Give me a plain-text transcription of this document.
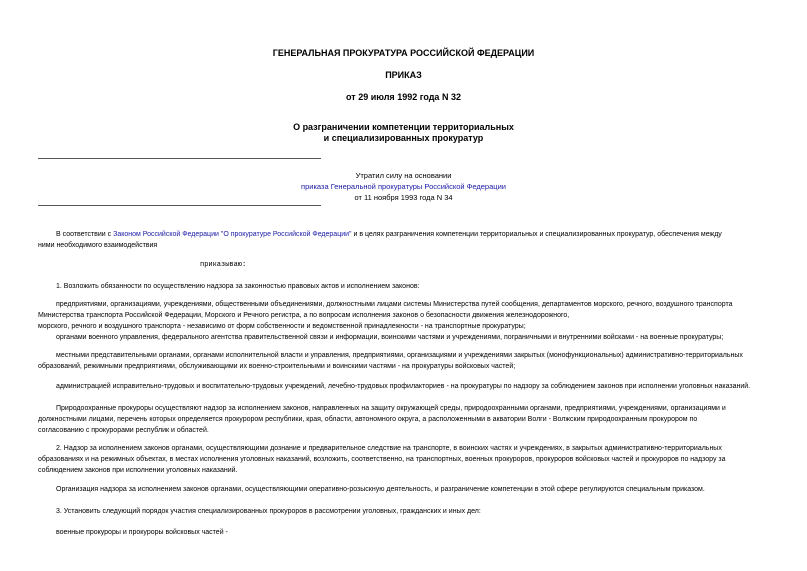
ГЕНЕРАЛЬНАЯ ПРОКУРАТУРА РОССИЙСКОЙ ФЕДЕРАЦИИ
ПРИКАЗ
от 29 июля 1992 года N 32
О разграничении компетенции территориальных
и специализированных прокуратур
Утратил силу на основании
приказа Генеральной прокуратуры Российской Федерации
от 11 ноября 1993 года N 34
В соответствии с Законом Российской Федерации "О прокуратуре Российской Федерации" и в целях разграничения компетенции территориальных и специализированных прокуратур, обеспечения между
ними необходимого взаимодействия
приказываю:
1. Возложить обязанности по осуществлению надзора за законностью правовых актов и исполнением законов:
предприятиями, организациями, учреждениями, общественными объединениями, должностными лицами системы Министерства путей сообщения, департаментов морского, речного, воздушного транспорта
Министерства транспорта Российской Федерации, Морского и Речного регистра, а по вопросам исполнения законов о безопасности движения железнодорожного,
морского, речного и воздушного транспорта - независимо от форм собственности и ведомственной принадлежности - на транспортные прокуратуры;
органами военного управления, федерального агентства правительственной связи и информации, воинскими частями и учреждениями, пограничными и внутренними войсками - на военные прокуратуры;
местными представительными органами, органами исполнительной власти и управления, предприятиями, организациями и учреждениями закрытых (монофункциональных) административно-территориальных
образований, режимными предприятиями, обслуживающими их военно-строительными и воинскими частями - на прокуратуры войсковых частей;
администрацией исправительно-трудовых и воспитательно-трудовых учреждений, лечебно-трудовых профилакториев - на прокуратуры по надзору за соблюдением законов при исполнении уголовных наказаний.
Природоохранные прокуроры осуществляют надзор за исполнением законов, направленных на защиту окружающей среды, природоохранными органами, предприятиями, учреждениями, организациями и
должностными лицами, перечень которых определяется прокурором республики, края, области, автономного округа, а расположенными в акватории Волги - Волжским природоохранным прокурором по
согласованию с прокурорами республик и областей.
2. Надзор за исполнением законов органами, осуществляющими дознание и предварительное следствие на транспорте, в воинских частях и учреждениях, в закрытых административно-территориальных
образованиях и на режимных объектах, в местах исполнения уголовных наказаний, возложить, соответственно, на транспортных, военных прокуроров, прокуроров войсковых частей и прокуроров по надзору за
соблюдением законов при исполнении уголовных наказаний.
Организация надзора за исполнением законов органами, осуществляющими оперативно-розыскную деятельность, и разграничение компетенции в этой сфере регулируются специальным приказом.
3. Установить следующий порядок участия специализированных прокуроров в рассмотрении уголовных, гражданских и иных дел:
военные прокуроры и прокуроры войсковых частей -
